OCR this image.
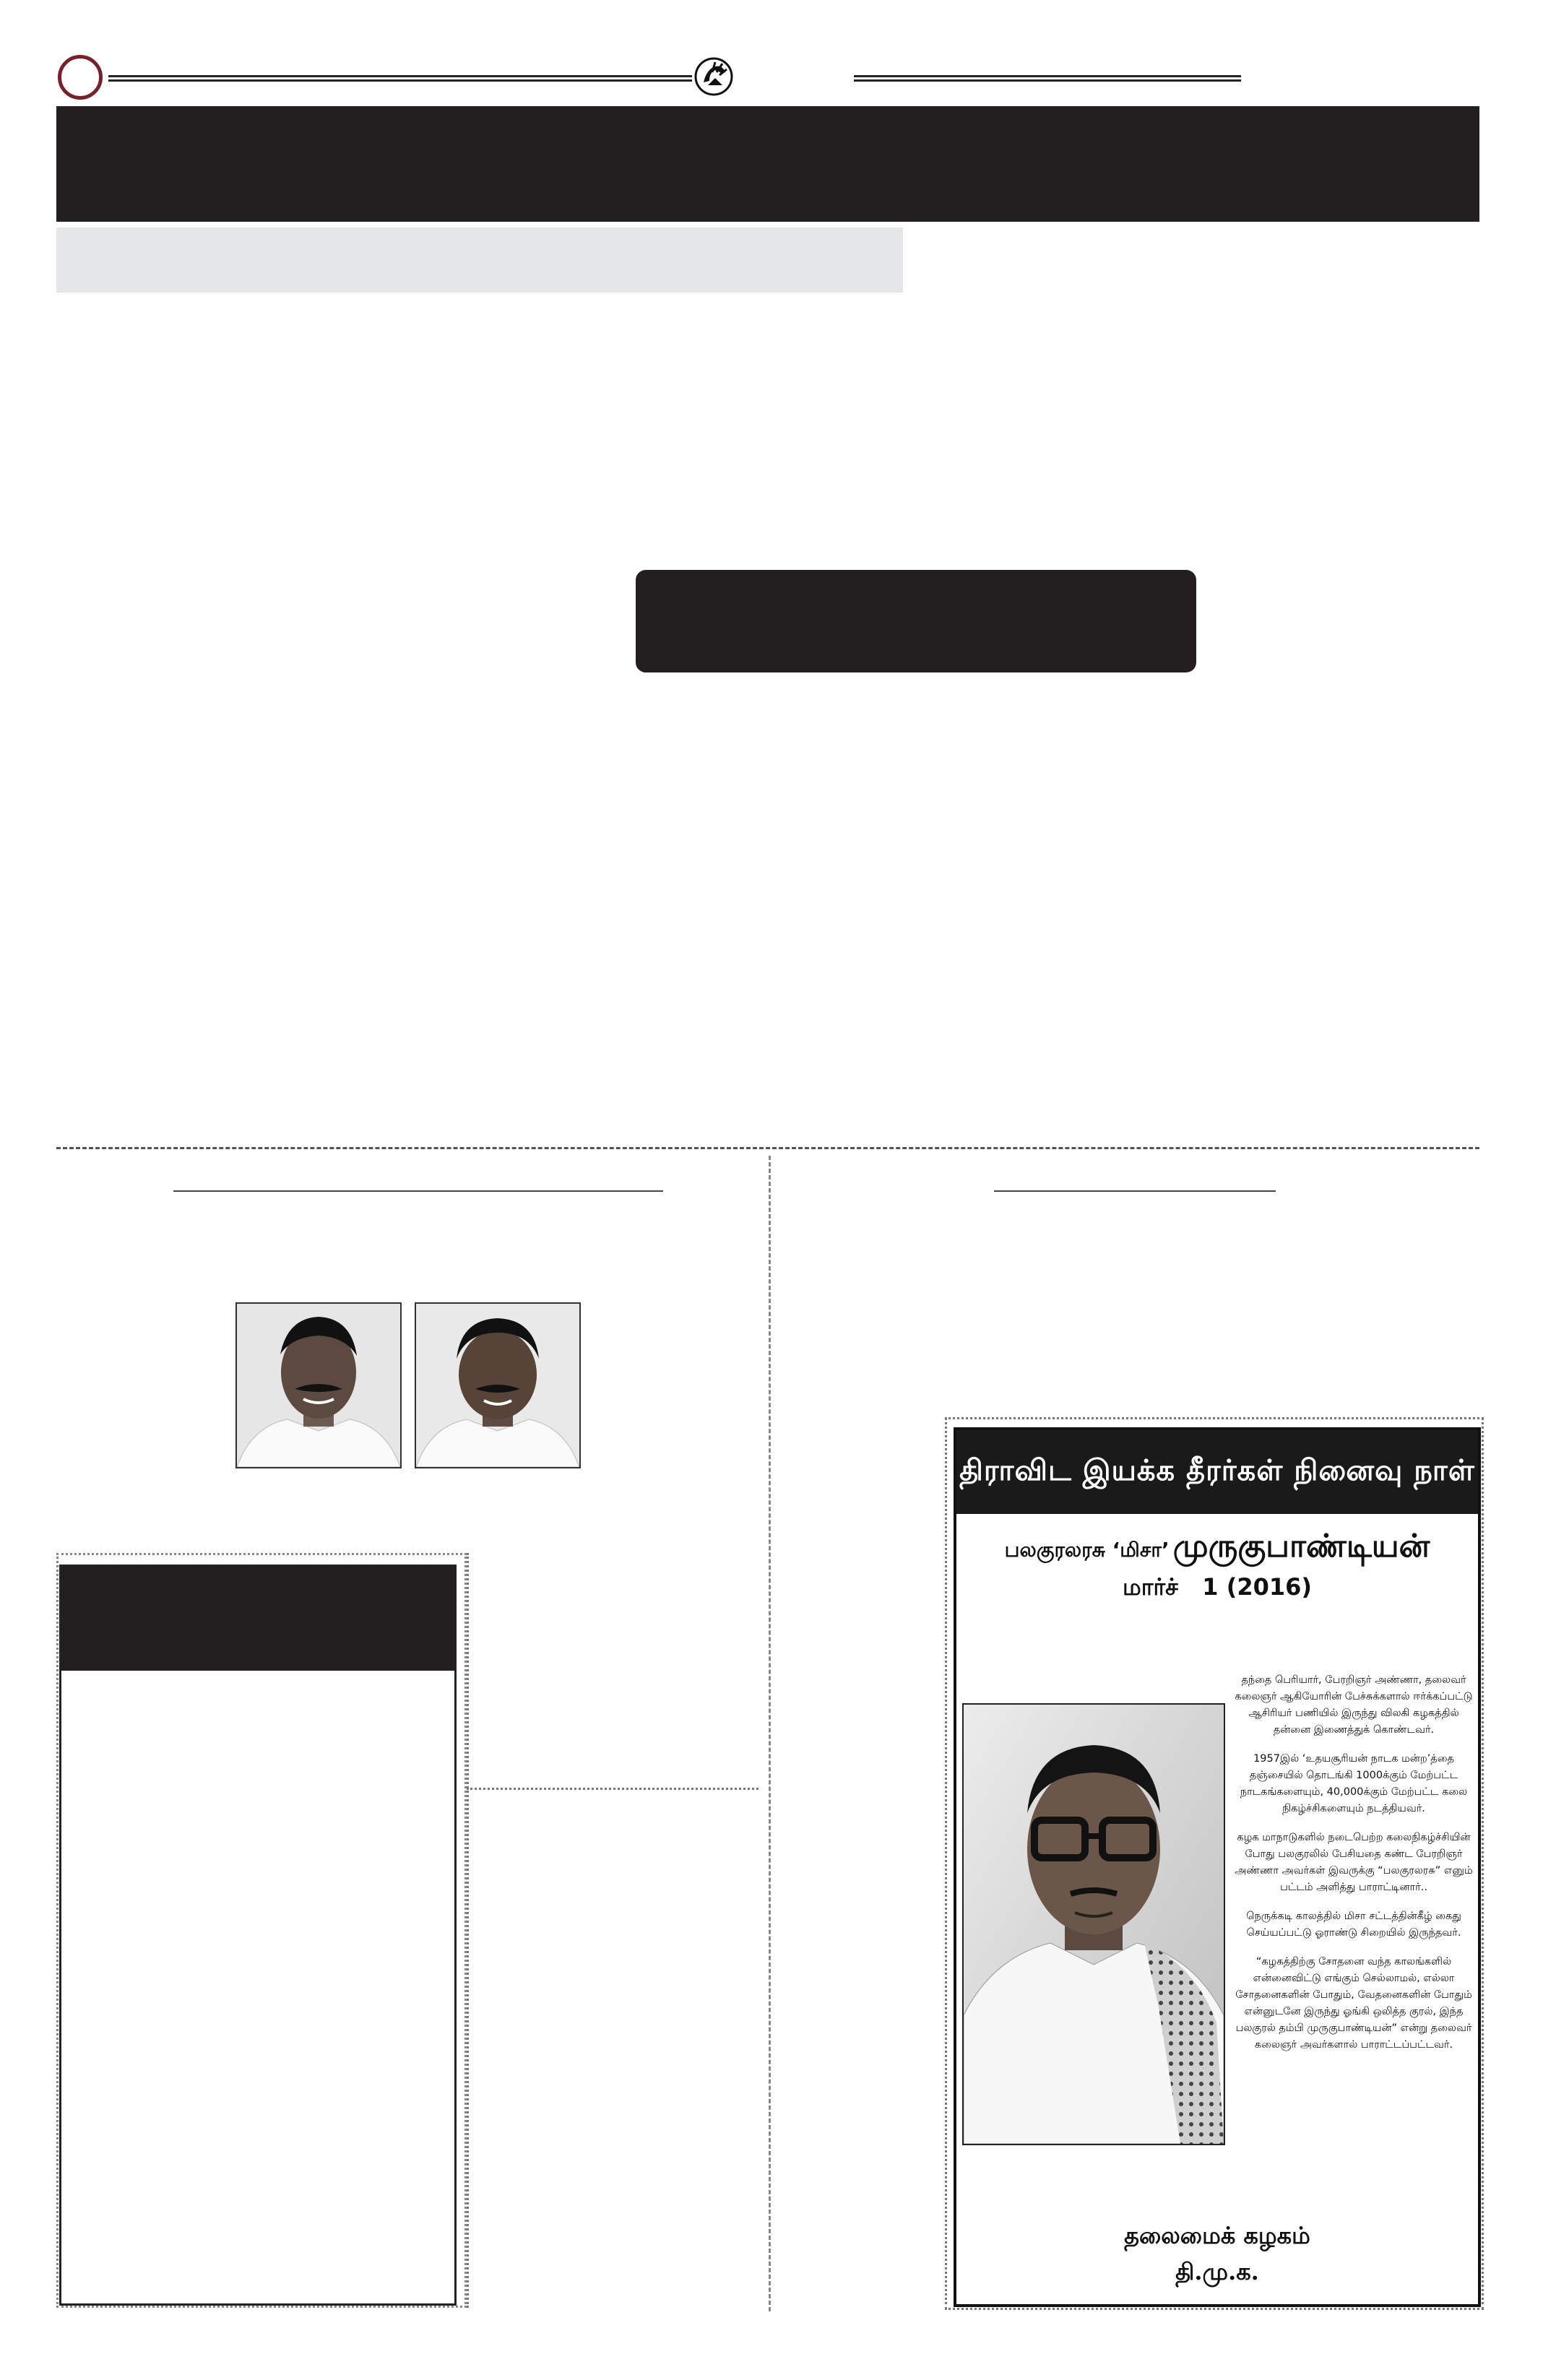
திராவிட இயக்க தீரர்கள் நினைவு நாள்
பலகுரலரசு ‘மிசா’ முருகுபாண்டியன்
மார்ச்   1 (2016)

தந்தை பெரியார், பேரறிஞர் அண்ணா, தலைவர் கலைஞர் ஆகியோரின் பேச்சுக்களால் ஈர்க்கப்பட்டு ஆசிரியர் பணியில் இருந்து விலகி கழகத்தில் தன்னை இணைத்துக் கொண்டவர்.

1957இல் ‘உதயசூரியன் நாடக மன்ற’த்தை தஞ்சையில் தொடங்கி 1000க்கும் மேற்பட்ட நாடகங்களையும், 40,000க்கும் மேற்பட்ட கலை நிகழ்ச்சிகளையும் நடத்தியவர்.

கழக மாநாடுகளில் நடைபெற்ற கலைநிகழ்ச்சியின் போது பலகுரலில் பேசியதை கண்ட பேரறிஞர் அண்ணா அவர்கள் இவருக்கு “பலகுரலரசு” எனும் பட்டம் அளித்து பாராட்டினார்..

நெருக்கடி காலத்தில் மிசா சட்டத்தின்கீழ் கைது செய்யப்பட்டு ஓராண்டு சிறையில் இருந்தவர்.

“கழகத்திற்கு சோதனை வந்த காலங்களில் என்னைவிட்டு எங்கும் செல்லாமல், எல்லா சோதனைகளின் போதும், வேதனைகளின் போதும் என்னுடனே இருந்து ஓங்கி ஒலித்த குரல், இந்த பலகுரல் தம்பி முருகுபாண்டியன்” என்று தலைவர் கலைஞர் அவர்களால் பாராட்டப்பட்டவர்.

தலைமைக் கழகம்
தி.மு.க.
